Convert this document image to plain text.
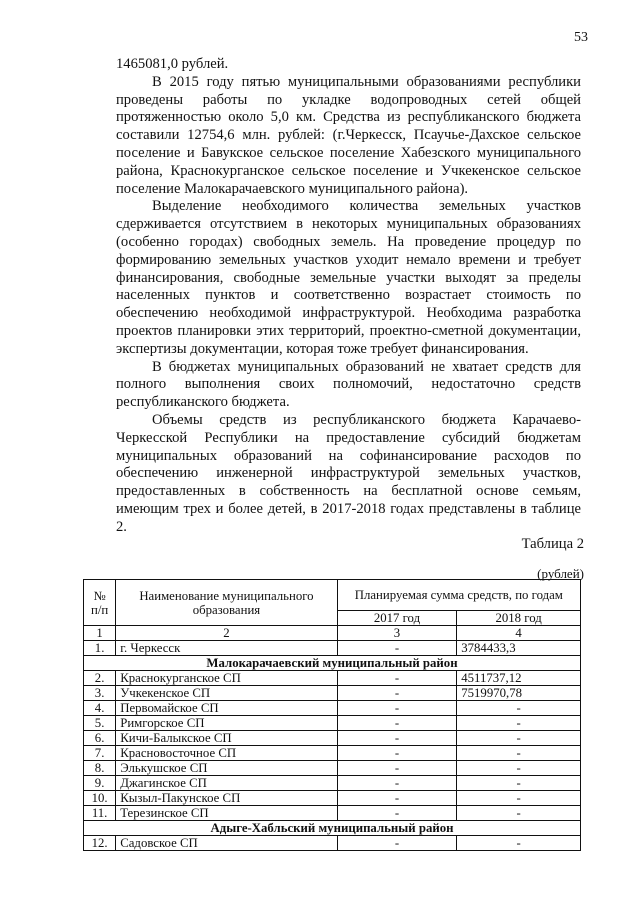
53

1465081,0 рублей.

В 2015 году пятью муниципальными образованиями республики проведены работы по укладке водопроводных сетей общей протяженностью около 5,0 км. Средства из республиканского бюджета составили 12754,6 млн. рублей: (г.Черкесск, Псаучье-Дахское сельское поселение и Бавукское сельское поселение Хабезского муниципального района, Краснокурганское сельское поселение и Учкекенское сельское поселение Малокарачаевского муниципального района).

Выделение необходимого количества земельных участков сдерживается отсутствием в некоторых муниципальных образованиях (особенно городах) свободных земель. На проведение процедур по формированию земельных участков уходит немало времени и требует финансирования, свободные земельные участки выходят за пределы населенных пунктов и соответственно возрастает стоимость по обеспечению необходимой инфраструктурой. Необходима разработка проектов планировки этих территорий, проектно-сметной документации, экспертизы документации, которая тоже требует финансирования.

В бюджетах муниципальных образований не хватает средств для полного выполнения своих полномочий, недостаточно средств республиканского бюджета.

Объемы средств из республиканского бюджета Карачаево-Черкесской Республики на предоставление субсидий бюджетам муниципальных образований на софинансирование расходов по обеспечению инженерной инфраструктурой земельных участков, предоставленных в собственность на бесплатной основе семьям, имеющим трех и более детей, в 2017-2018 годах представлены в таблице 2.

Таблица 2
(рублей)
№ п/п	Наименование муниципального образования	Планируемая сумма средств, по годам	
		2017 год	2018 год
1	2	3	4
1.	г. Черкесск	-	3784433,3
Малокарачаевский муниципальный район			
2.	Краснокурганское СП	-	4511737,12
3.	Учкекенское СП	-	7519970,78
4.	Первомайское СП	-	-
5.	Римгорское СП	-	-
6.	Кичи-Балыкское СП	-	-
7.	Красновосточное СП	-	-
8.	Элькушское СП	-	-
9.	Джагинское СП	-	-
10.	Кызыл-Пакунское СП	-	-
11.	Терезинское СП	-	-
Адыге-Хабльский муниципальный район			
12.	Садовское СП	-	-
